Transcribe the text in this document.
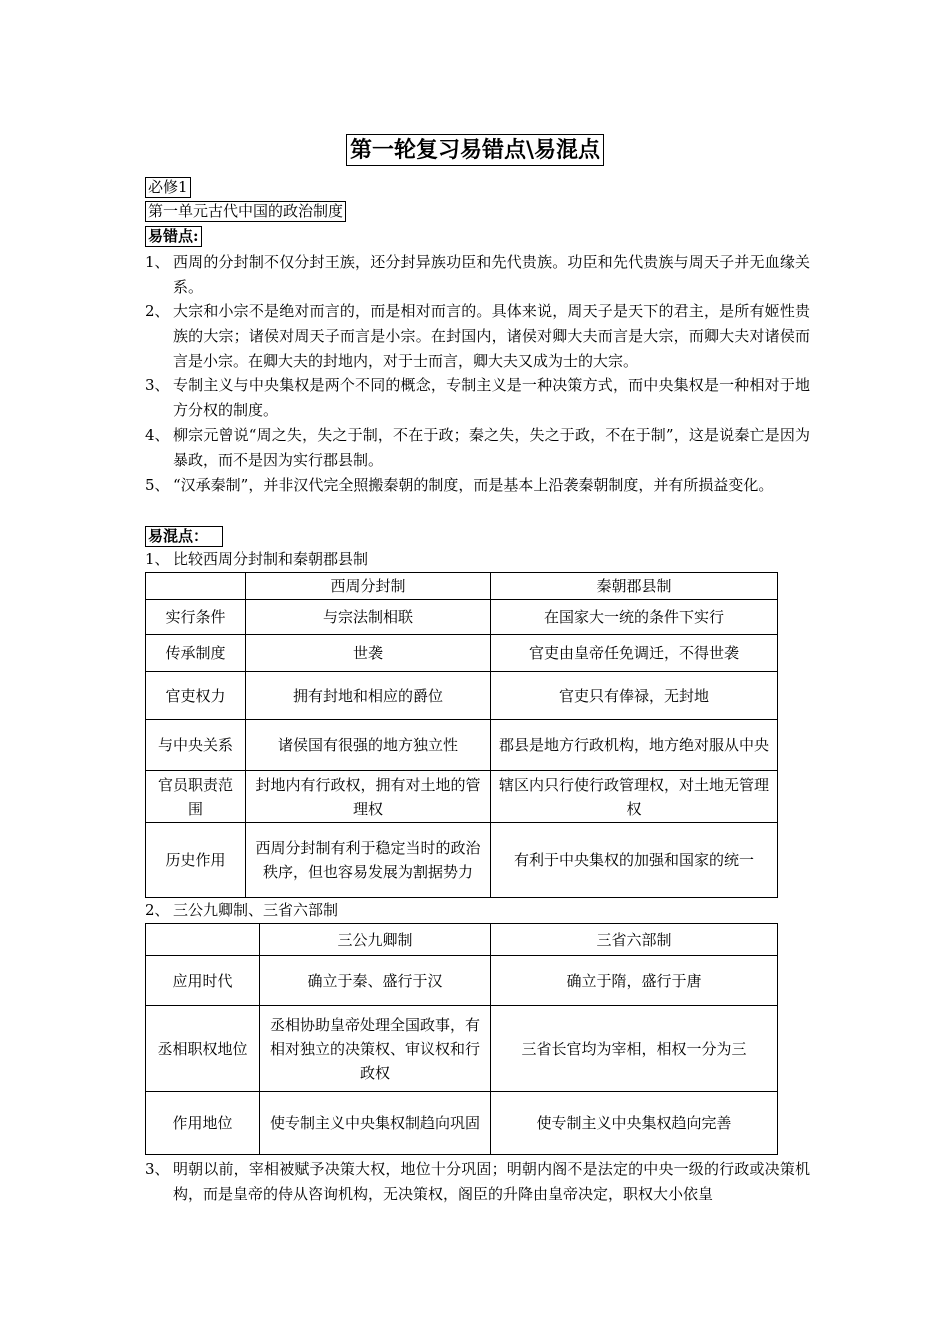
第一轮复习易错点\易混点
必修1
第一单元古代中国的政治制度
易错点:
1、 西周的分封制不仅分封王族，还分封异族功臣和先代贵族。功臣和先代贵族与周天子并无血缘关系。
2、 大宗和小宗不是绝对而言的，而是相对而言的。具体来说，周天子是天下的君主，是所有姬性贵族的大宗；诸侯对周天子而言是小宗。在封国内，诸侯对卿大夫而言是大宗，而卿大夫对诸侯而言是小宗。在卿大夫的封地内，对于士而言，卿大夫又成为士的大宗。
3、 专制主义与中央集权是两个不同的概念，专制主义是一种决策方式，而中央集权是一种相对于地方分权的制度。
4、 柳宗元曾说“周之失，失之于制，不在于政；秦之失，失之于政，不在于制”，这是说秦亡是因为暴政，而不是因为实行郡县制。
5、 “汉承秦制”，并非汉代完全照搬秦朝的制度，而是基本上沿袭秦朝制度，并有所损益变化。
易混点：
1、 比较西周分封制和秦朝郡县制
	西周分封制	秦朝郡县制
实行条件	与宗法制相联	在国家大一统的条件下实行
传承制度	世袭	官吏由皇帝任免调迁，不得世袭
官吏权力	拥有封地和相应的爵位	官吏只有俸禄，无封地
与中央关系	诸侯国有很强的地方独立性	郡县是地方行政机构，地方绝对服从中央
官员职责范围	封地内有行政权，拥有对土地的管理权	辖区内只行使行政管理权，对土地无管理权
历史作用	西周分封制有利于稳定当时的政治秩序，但也容易发展为割据势力	有利于中央集权的加强和国家的统一
2、 三公九卿制、三省六部制
	三公九卿制	三省六部制
应用时代	确立于秦、盛行于汉	确立于隋，盛行于唐
丞相职权地位	丞相协助皇帝处理全国政事，有相对独立的决策权、审议权和行政权	三省长官均为宰相，相权一分为三
作用地位	使专制主义中央集权制趋向巩固	使专制主义中央集权趋向完善
3、 明朝以前，宰相被赋予决策大权，地位十分巩固；明朝内阁不是法定的中央一级的行政或决策机构，而是皇帝的侍从咨询机构，无决策权，阁臣的升降由皇帝决定，职权大小依皇
